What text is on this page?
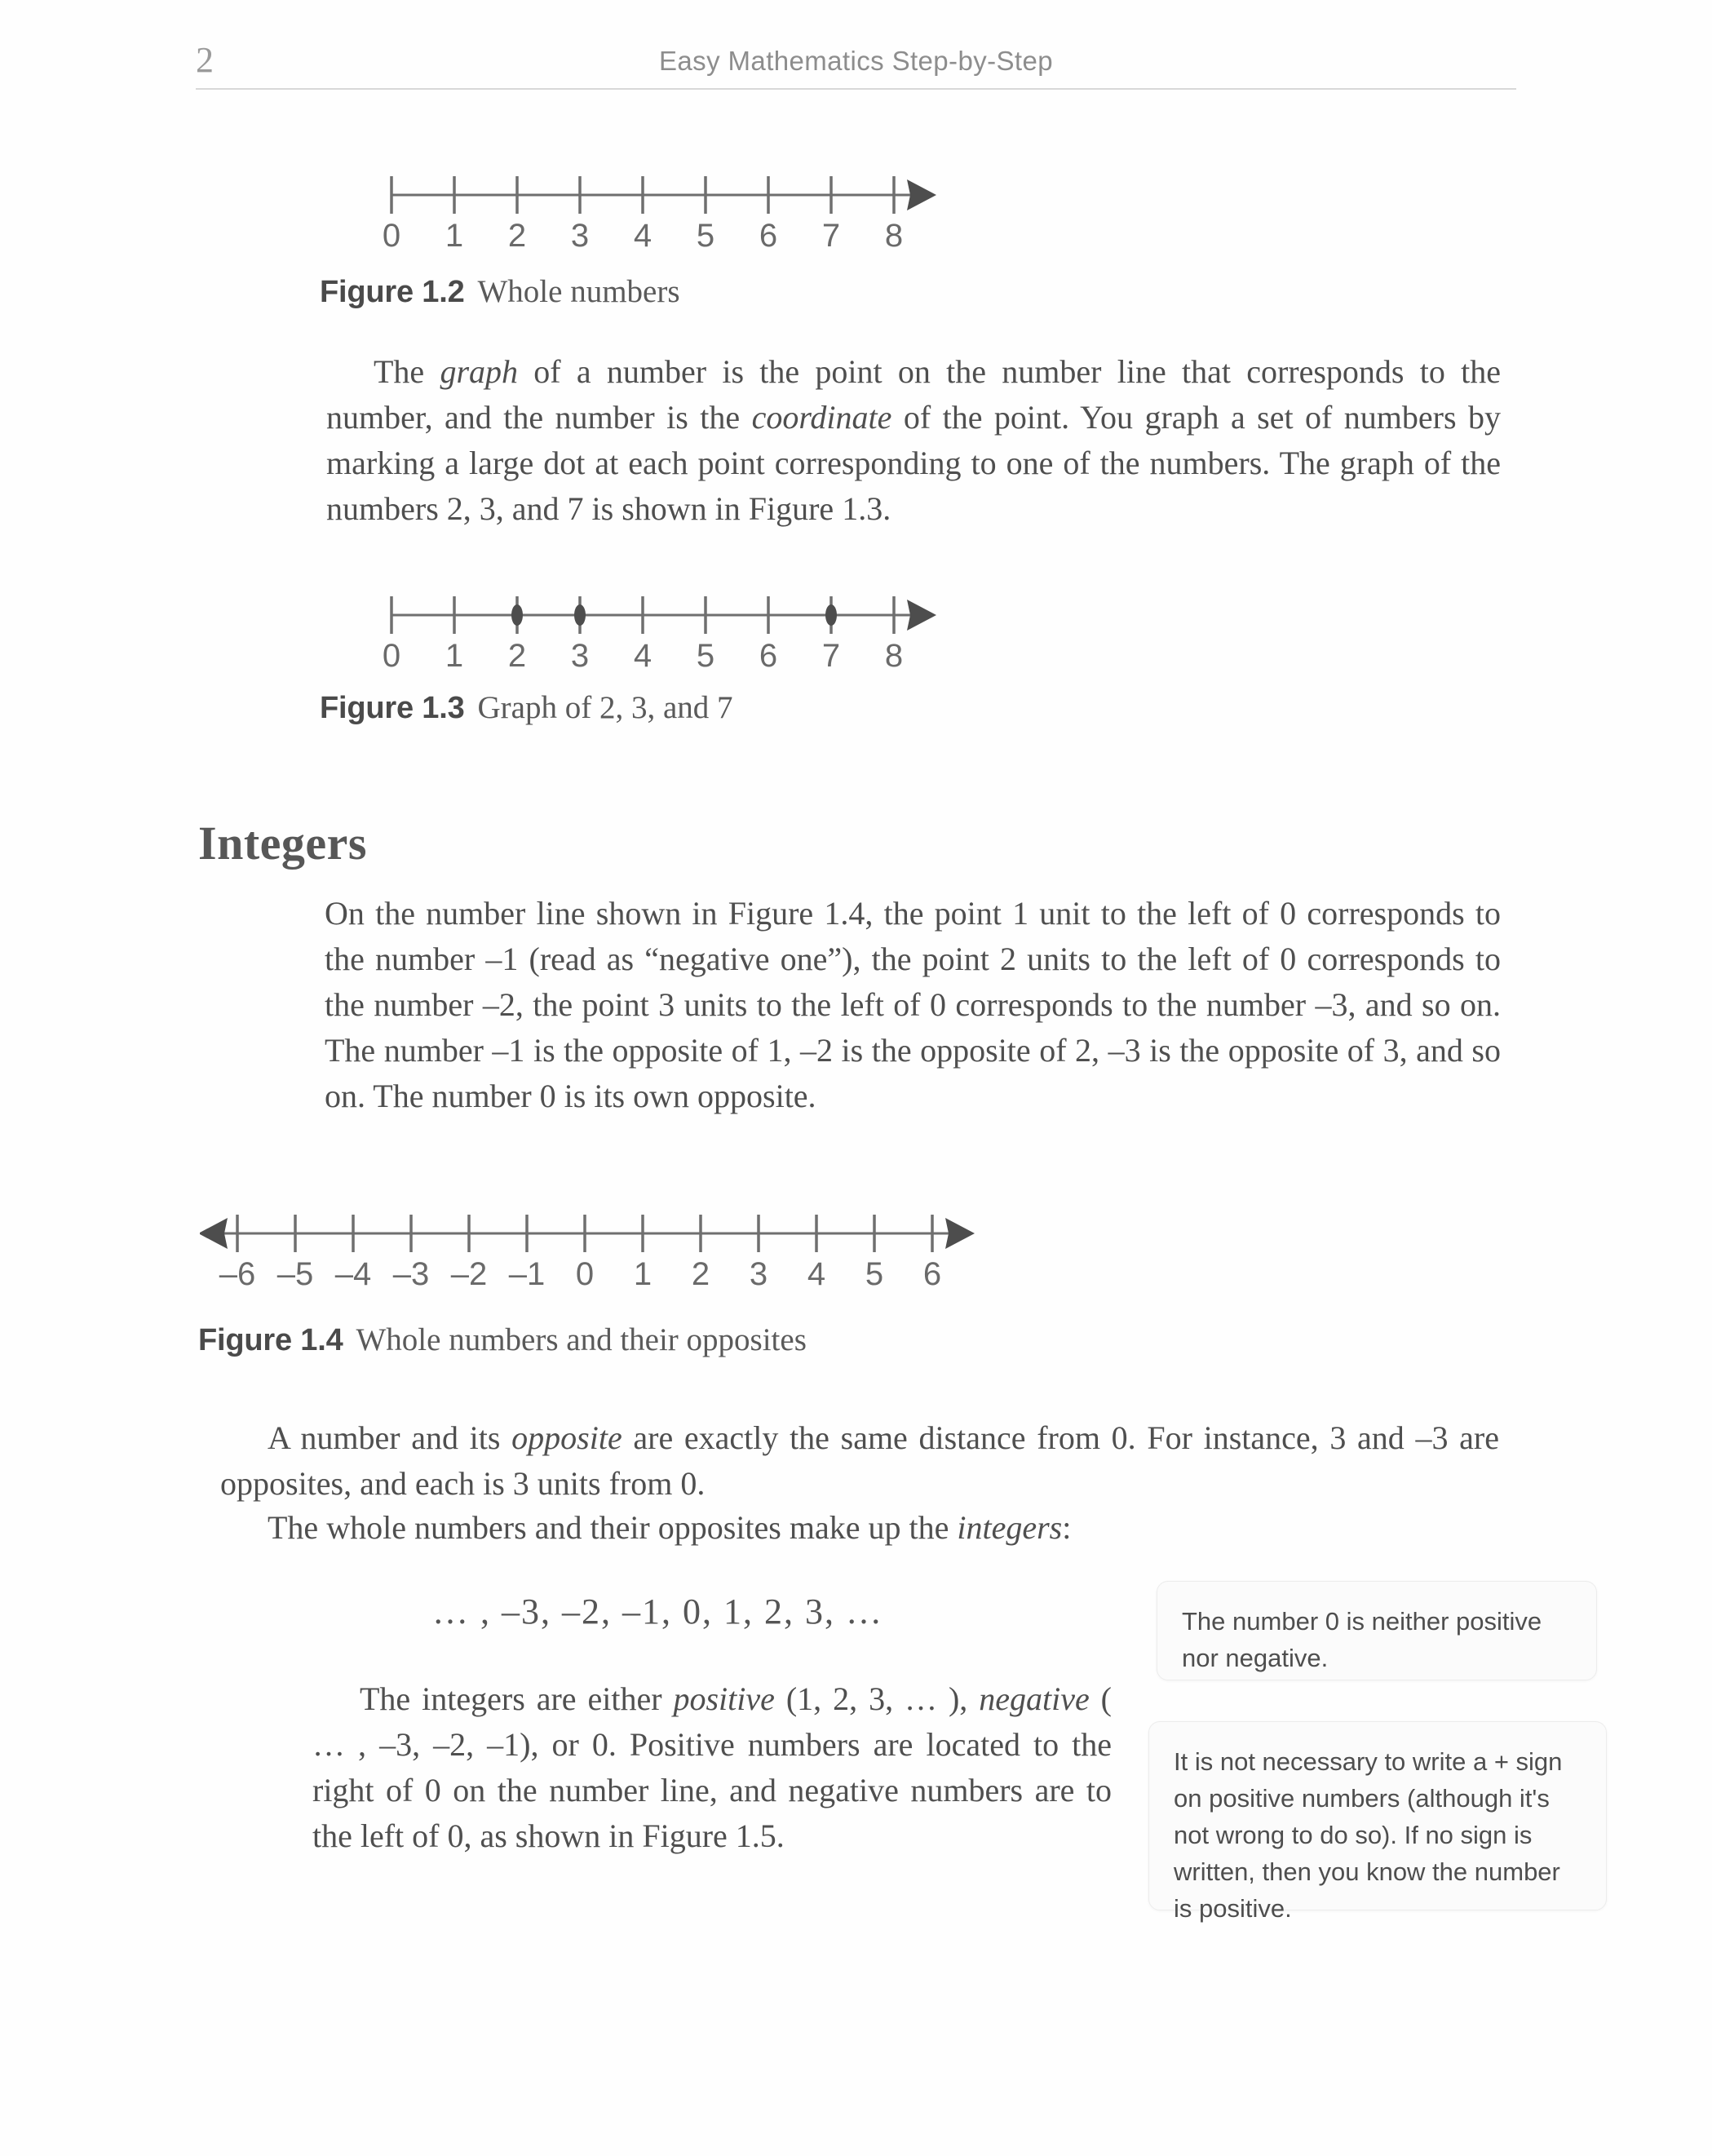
2	Easy Mathematics Step-by-Step
0 1 2 3 4 5 6 7 8
Figure 1.2 Whole numbers
The graph of a number is the point on the number line that corresponds to the number, and the number is the coordinate of the point. You graph a set of numbers by marking a large dot at each point corresponding to one of the numbers. The graph of the numbers 2, 3, and 7 is shown in Figure 1.3.
0 1 2 3 4 5 6 7 8
Figure 1.3 Graph of 2, 3, and 7
Integers
On the number line shown in Figure 1.4, the point 1 unit to the left of 0 corresponds to the number –1 (read as “negative one”), the point 2 units to the left of 0 corresponds to the number –2, the point 3 units to the left of 0 corresponds to the number –3, and so on. The number –1 is the opposite of 1, –2 is the opposite of 2, –3 is the opposite of 3, and so on. The number 0 is its own opposite.
–6 –5 –4 –3 –2 –1 0 1 2 3 4 5 6
Figure 1.4 Whole numbers and their opposites
A number and its opposite are exactly the same distance from 0. For instance, 3 and –3 are opposites, and each is 3 units from 0.
The whole numbers and their opposites make up the integers:
… , –3, –2, –1, 0, 1, 2, 3, …
The integers are either positive (1, 2, 3, … ), negative ( … , –3, –2, –1), or 0. Positive numbers are located to the right of 0 on the number line, and negative numbers are to the left of 0, as shown in Figure 1.5.
The number 0 is neither positive nor negative.
It is not necessary to write a + sign on positive numbers (although it's not wrong to do so). If no sign is written, then you know the number is positive.
